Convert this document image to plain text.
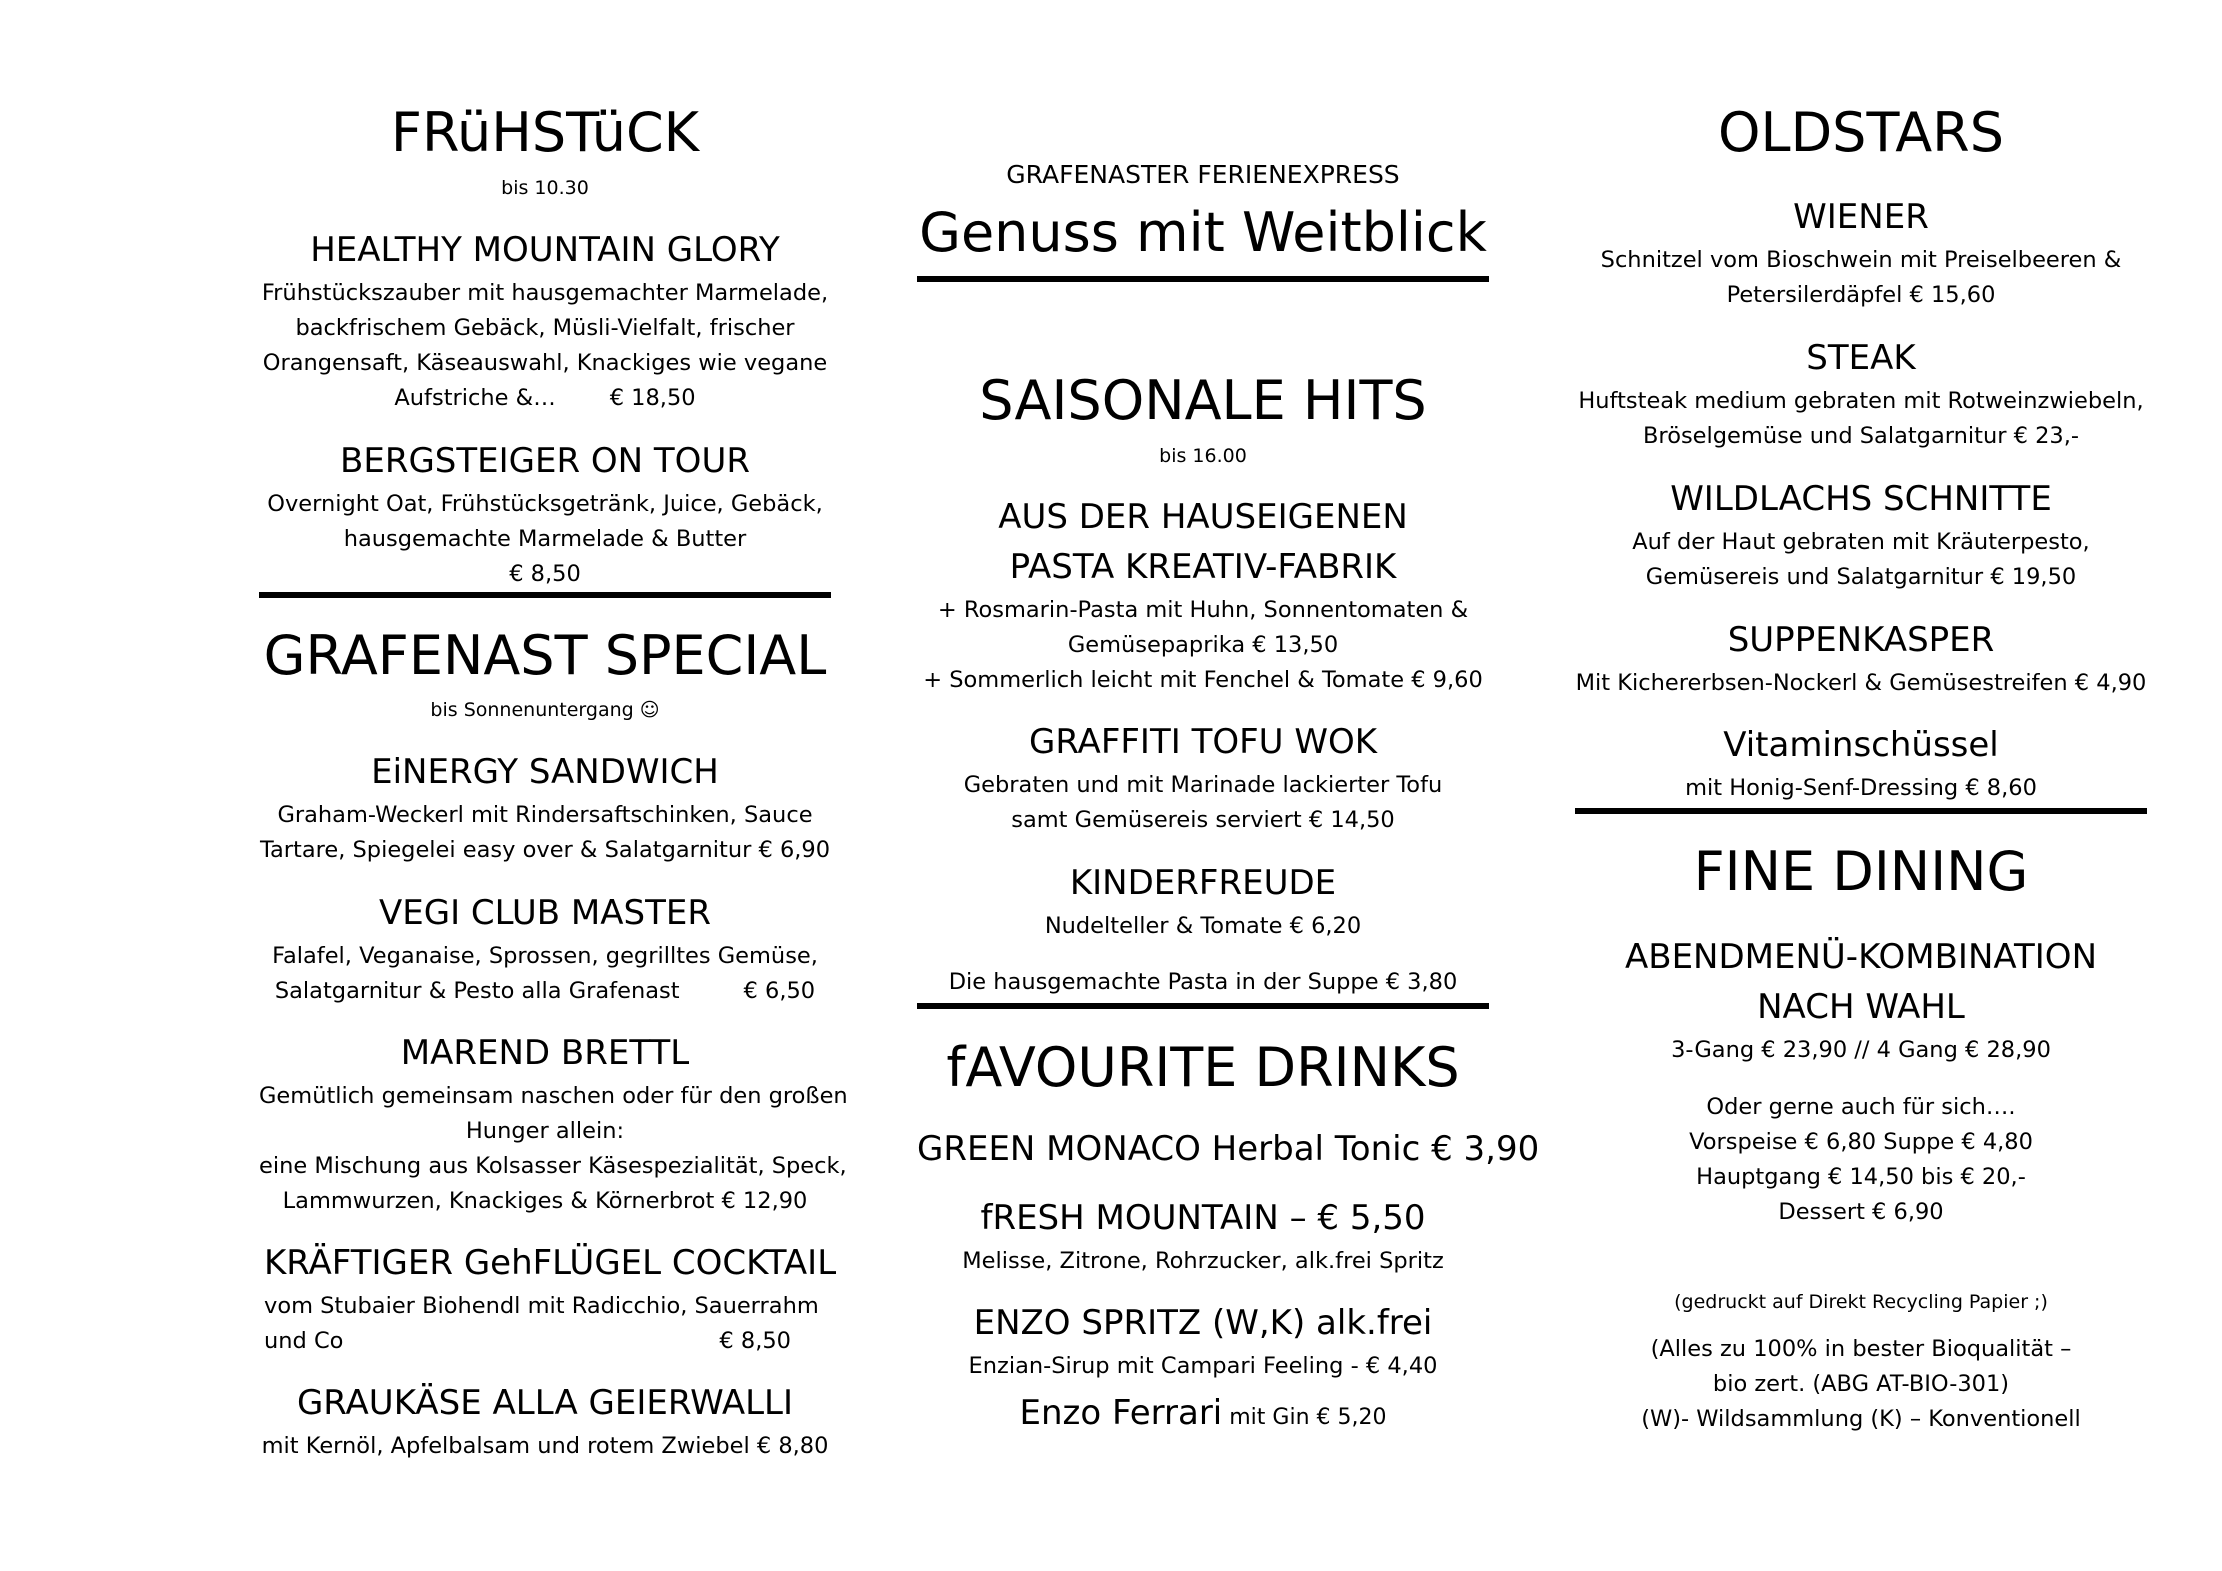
FRüHSTüCK
bis 10.30
HEALTHY MOUNTAIN GLORY
Frühstückszauber mit hausgemachter Marmelade,
backfrischem Gebäck, Müsli-Vielfalt, frischer
Orangensaft, Käseauswahl, Knackiges wie vegane
Aufstriche &… € 18,50
BERGSTEIGER ON TOUR
Overnight Oat, Frühstücksgetränk, Juice, Gebäck,
hausgemachte Marmelade & Butter
€ 8,50
GRAFENAST SPECIAL
bis Sonnenuntergang ☺
EiNERGY SANDWICH
Graham-Weckerl mit Rindersaftschinken, Sauce
Tartare, Spiegelei easy over & Salatgarnitur € 6,90
VEGI CLUB MASTER
Falafel, Veganaise, Sprossen, gegrilltes Gemüse,
Salatgarnitur & Pesto alla Grafenast	€ 6,50
MAREND BRETTL
Gemütlich gemeinsam naschen oder für den großen
Hunger allein:
eine Mischung aus Kolsasser Käsespezialität, Speck,
Lammwurzen, Knackiges & Körnerbrot € 12,90
KRÄFTIGER GehFLÜGEL COCKTAIL
vom Stubaier Biohendl mit Radicchio, Sauerrahm
und Co	€ 8,50
GRAUKÄSE ALLA GEIERWALLI
mit Kernöl, Apfelbalsam und rotem Zwiebel € 8,80
GRAFENASTER FERIENEXPRESS
Genuss mit Weitblick
SAISONALE HITS
bis 16.00
AUS DER HAUSEIGENEN
PASTA KREATIV-FABRIK
+ Rosmarin-Pasta mit Huhn, Sonnentomaten &
Gemüsepaprika € 13,50
+ Sommerlich leicht mit Fenchel & Tomate € 9,60
GRAFFITI TOFU WOK
Gebraten und mit Marinade lackierter Tofu
samt Gemüsereis serviert € 14,50
KINDERFREUDE
Nudelteller & Tomate € 6,20
Die hausgemachte Pasta in der Suppe € 3,80
fAVOURITE DRINKS
GREEN MONACO Herbal Tonic € 3,90
fRESH MOUNTAIN – € 5,50
Melisse, Zitrone, Rohrzucker, alk.frei Spritz
ENZO SPRITZ (W,K) alk.frei
Enzian-Sirup mit Campari Feeling - € 4,40
Enzo Ferrari mit Gin € 5,20
OLDSTARS
WIENER
Schnitzel vom Bioschwein mit Preiselbeeren &
Petersilerdäpfel € 15,60
STEAK
Huftsteak medium gebraten mit Rotweinzwiebeln,
Bröselgemüse und Salatgarnitur € 23,-
WILDLACHS SCHNITTE
Auf der Haut gebraten mit Kräuterpesto,
Gemüsereis und Salatgarnitur € 19,50
SUPPENKASPER
Mit Kichererbsen-Nockerl & Gemüsestreifen € 4,90
Vitaminschüssel
mit Honig-Senf-Dressing € 8,60
FINE DINING
ABENDMENÜ-KOMBINATION
NACH WAHL
3-Gang € 23,90 // 4 Gang € 28,90
Oder gerne auch für sich….
Vorspeise € 6,80 Suppe € 4,80
Hauptgang € 14,50 bis € 20,-
Dessert € 6,90
(gedruckt auf Direkt Recycling Papier ;)
(Alles zu 100% in bester Bioqualität –
bio zert. (ABG AT-BIO-301)
(W)- Wildsammlung (K) – Konventionell
